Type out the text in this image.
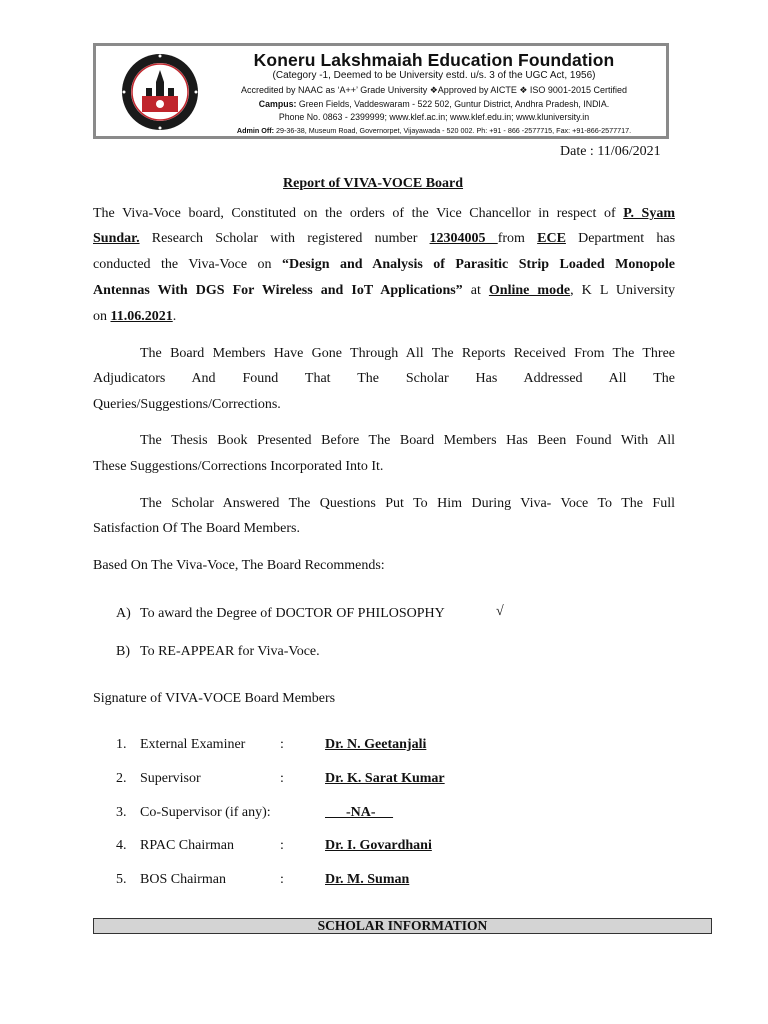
Koneru Lakshmaiah Education Foundation
(Category -1, Deemed to be University estd. u/s. 3 of the UGC Act, 1956)
Accredited by NAAC as ‘A++’ Grade University ❖Approved by AICTE ❖ ISO 9001-2015 Certified
Campus: Green Fields, Vaddeswaram - 522 502, Guntur District, Andhra Pradesh, INDIA.
Phone No. 0863 - 2399999; www.klef.ac.in; www.klef.edu.in; www.kluniversity.in
Admin Off: 29-36-38, Museum Road, Governorpet, Vijayawada - 520 002. Ph: +91 - 866 -2577715, Fax: +91-866-2577717.
Date : 11/06/2021
Report of VIVA-VOCE Board
The Viva-Voce board, Constituted on the orders of the Vice Chancellor in respect of P. Syam
Sundar. Research Scholar with registered number 12304005 from ECE Department has
conducted the Viva-Voce on “Design and Analysis of Parasitic Strip Loaded Monopole
Antennas With DGS For Wireless and IoT Applications” at Online mode, K L University
on 11.06.2021.
The Board Members Have Gone Through All The Reports Received From The Three
Adjudicators And Found That The Scholar Has Addressed All The
Queries/Suggestions/Corrections.
The Thesis Book Presented Before The Board Members Has Been Found With All
These Suggestions/Corrections Incorporated Into It.
The Scholar Answered The Questions Put To Him During Viva- Voce To The Full
Satisfaction Of The Board Members.
Based On The Viva-Voce, The Board Recommends:
A) To award the Degree of DOCTOR OF PHILOSOPHY	√
B) To RE-APPEAR for Viva-Voce.
Signature of VIVA-VOCE Board Members
1. External Examiner :	Dr. N. Geetanjali
2. Supervisor	:	Dr. K. Sarat Kumar
3. Co-Supervisor (if any):	-NA-
4. RPAC Chairman	:	Dr. I. Govardhani
5. BOS Chairman	:	Dr. M. Suman
SCHOLAR INFORMATION
